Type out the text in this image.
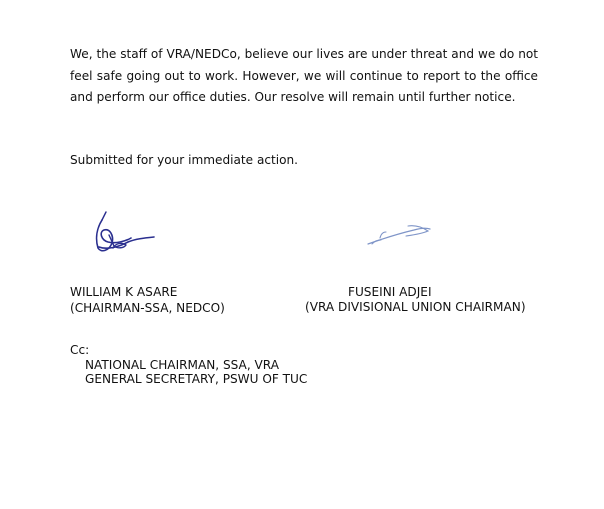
We, the staff of VRA/NEDCo, believe our lives are under threat and we do not feel safe going out to work. However, we will continue to report to the office and perform our office duties. Our resolve will remain until further notice.

Submitted for your immediate action.

WILLIAM K ASARE
(CHAIRMAN-SSA, NEDCO)

FUSEINI ADJEI

(VRA DIVISIONAL UNION CHAIRMAN)

Cc:
NATIONAL CHAIRMAN, SSA, VRA
GENERAL SECRETARY, PSWU OF TUC
